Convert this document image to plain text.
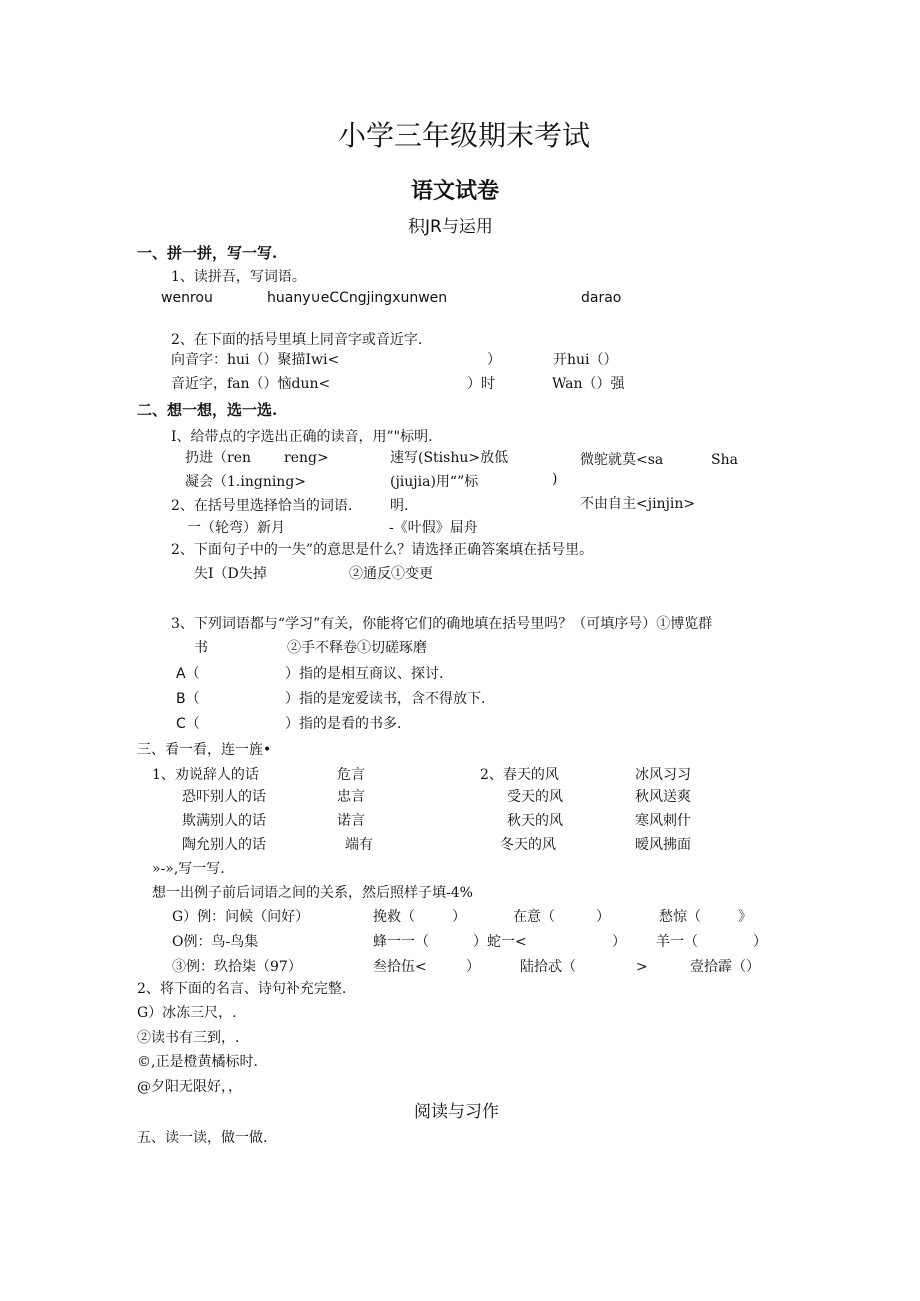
小学三年级期末考试
语文试卷
积JR与运用
一、拼一拼，写一写.
1、读拼吾，写词语。
wenrou	huany∪eCCngjingxunwen	darao
2、在下面的括号里填上同音字或音近字.
向音字：hui（）聚描Iwi<	）	开hui（）
音近字，fan（）恼dun<	）时	Wan（）强
二、想一想，选一选.
I、给带点的字选出正确的读音，用”"标明.
扔进（ren reng>	速写(Stishu>放低	微鸵就莫<sa	Sha
凝会（1.ingning>	(jiujia)用“”标	)
2、在括号里选择恰当的词语.	明.	不由自主<jinjin>
一（轮弯）新月	-《叶假》屇舟
2、下面句子中的一失”的意思是什么？请选择正确答案填在括号里。
失I（D失掉	②通反①变更
3、下列词语都与“学习”有关，你能将它们的确地填在括号里吗？（可填序号）①博览群
书	②手不释卷①切磋琢磨
A（	）指的是相互商议、探讨.
B（	）指的是宠爱读书，含不得放下.
C（	）指的是看的书多.
三、看一看，连一旌•
1、劝说辞人的话	危言	2、春天的风	冰风习习
恐吓别人的话	忠言	受天的风	秋风送爽
欺满别人的话	诺言	秋天的风	寒风刺什
陶允别人的话	端有	冬天的风	暧风拂面
»-»,写一写.
想一出例子前后词语之间的关系，然后照样子填-4%
G）例：问候（问好）	挽救（	）	在意（	）	愁惊（	》
O例：鸟-鸟集	蜂一一（	）蛇一<	） 羊一（	）
③例：玖拾柒（97）	叁拾伍<	）	陆拾忒（	>	壹拾霹（）
2、将下面的名言、诗句补充完整.
G）冰冻三尺，.
②读书有三到，.
©,正是橙黄橘标时.
@夕阳无限好，，
阅读与习作
五、读一读，做一做.
